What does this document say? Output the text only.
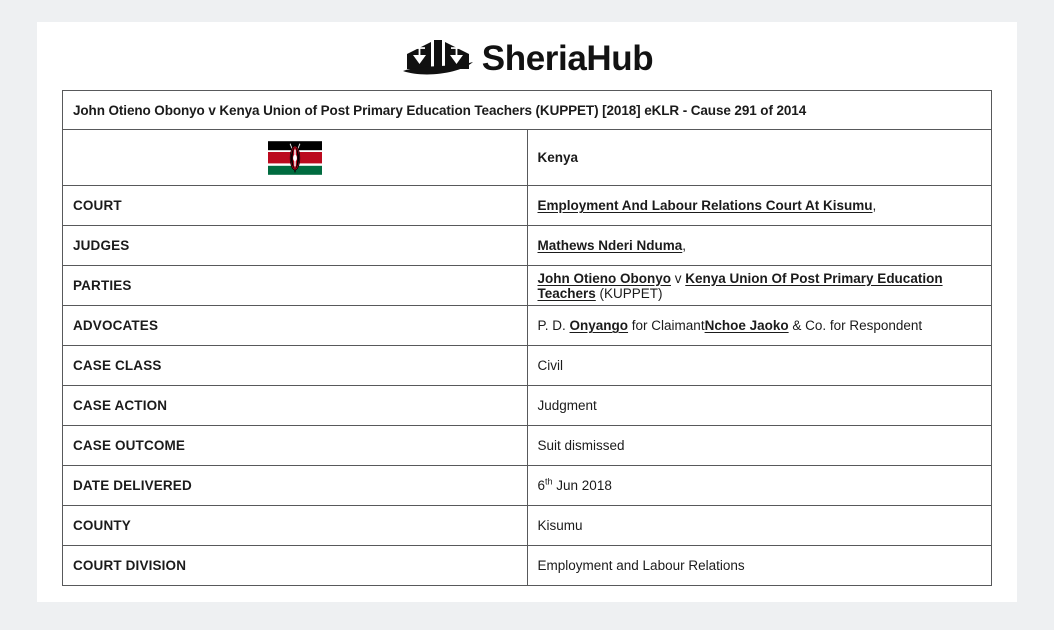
SheriaHub
John Otieno Obonyo v Kenya Union of Post Primary Education Teachers (KUPPET) [2018] eKLR - Cause 291 of 2014	
	Kenya
COURT	Employment And Labour Relations Court At Kisumu,
JUDGES	Mathews Nderi Nduma,
PARTIES	John Otieno Obonyo v Kenya Union Of Post Primary Education Teachers (KUPPET)
ADVOCATES	P. D. Onyango for ClaimantNchoe Jaoko & Co. for Respondent
CASE CLASS	Civil
CASE ACTION	Judgment
CASE OUTCOME	Suit dismissed
DATE DELIVERED	6th Jun 2018
COUNTY	Kisumu
COURT DIVISION	Employment and Labour Relations
